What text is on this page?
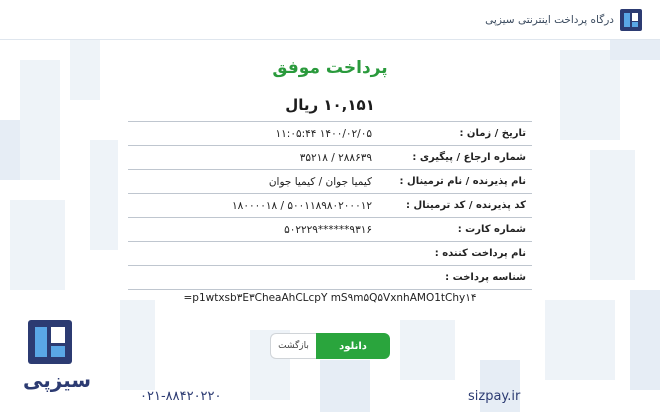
درگاه پرداخت اینترنتی سیزپی
پرداخت موفق
۱۰,۱۵۱ ریال
تاریخ / زمان :
۱۴۰۰/۰۲/۰۵ ۱۱:۰۵:۴۴
شماره ارجاع / پیگیری :
۲۸۸۶۳۹ / ۳۵۲۱۸
نام پذیرنده / نام ترمینال :
کیمیا جوان / کیمیا جوان
کد پذیرنده / کد ترمینال :
۵۰۰۱۱۸۹۸۰۲۰۰۰۱۲ / ۱۸۰۰۰۰۱۸
شماره کارت :
۵۰۲۲۲۹******۹۳۱۶
نام پرداخت کننده :
شناسه پرداخت :
=p1wtxsb۳E۳CheaAhCLcpY mS۹m۵Q۵VxnhAMO1tChy۱۴
دانلود
بازگشت
سیزپی
۰۲۱-۸۸۴۲۰۲۲۰	sizpay.ir
